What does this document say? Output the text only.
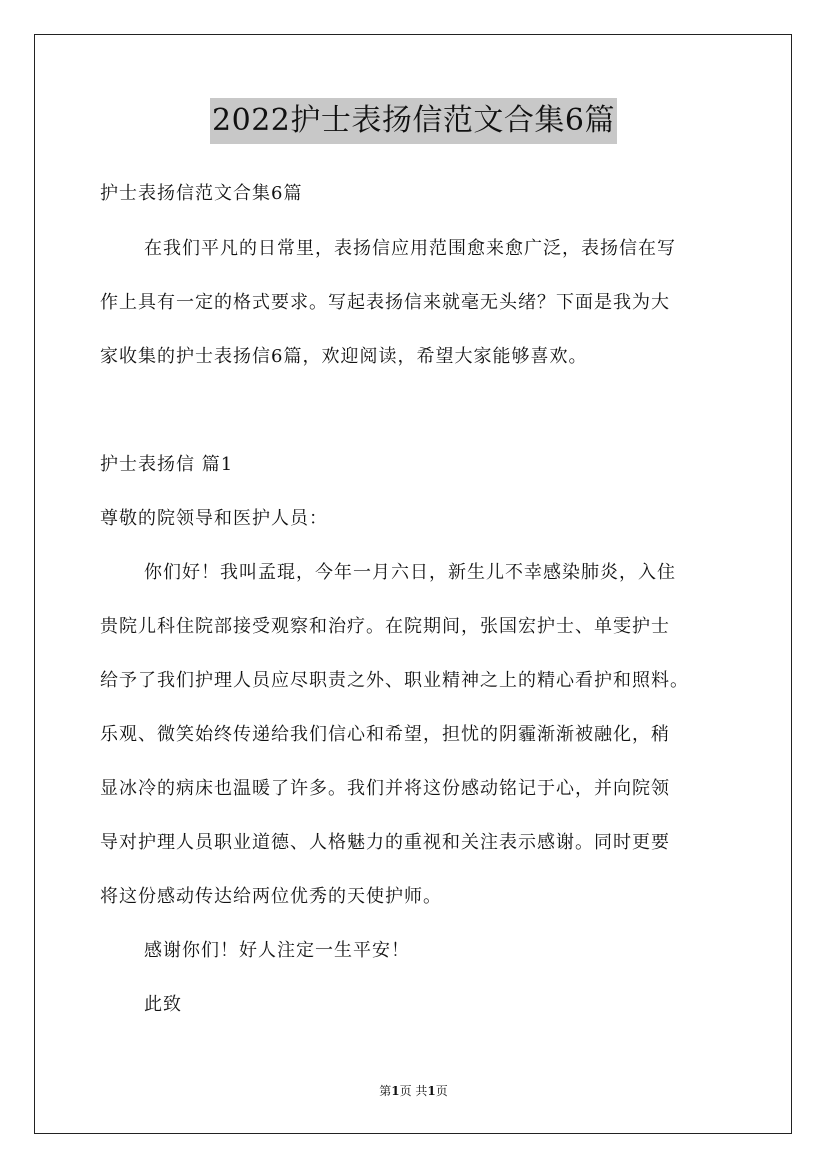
2022护士表扬信范文合集6篇
护士表扬信范文合集6篇
在我们平凡的日常里，表扬信应用范围愈来愈广泛，表扬信在写
作上具有一定的格式要求。写起表扬信来就毫无头绪？下面是我为大
家收集的护士表扬信6篇，欢迎阅读，希望大家能够喜欢。
护士表扬信 篇1
尊敬的院领导和医护人员：
你们好！我叫孟琨，今年一月六日，新生儿不幸感染肺炎，入住
贵院儿科住院部接受观察和治疗。在院期间，张国宏护士、单雯护士
给予了我们护理人员应尽职责之外、职业精神之上的精心看护和照料。
乐观、微笑始终传递给我们信心和希望，担忧的阴霾渐渐被融化，稍
显冰冷的病床也温暖了许多。我们并将这份感动铭记于心，并向院领
导对护理人员职业道德、人格魅力的重视和关注表示感谢。同时更要
将这份感动传达给两位优秀的天使护师。
感谢你们！好人注定一生平安！
此致
第1页 共1页
